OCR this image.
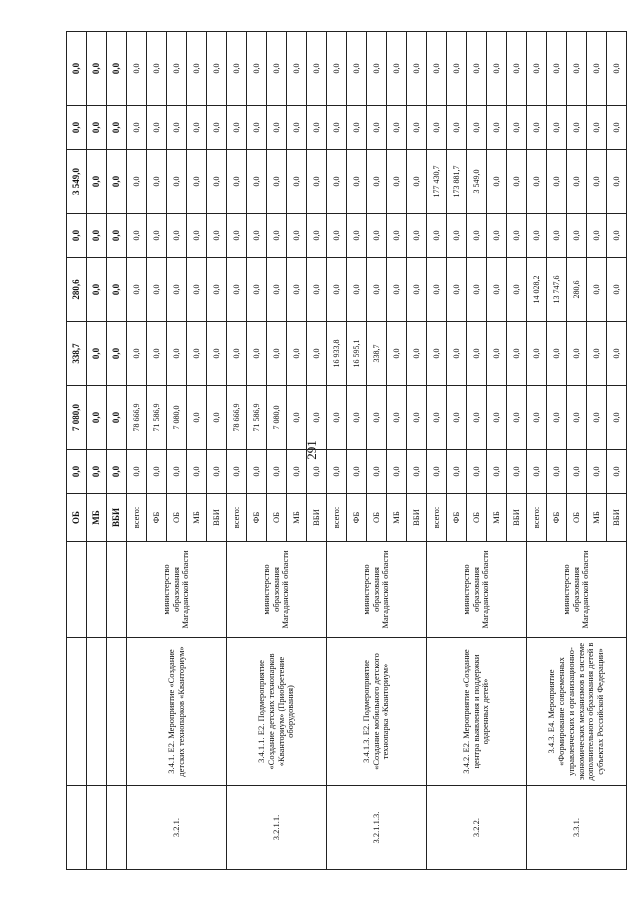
291
			ОБ	0,0	7 080,0	338,7	280,6	0,0	3 549,0	0,0	0,0
			МБ	0,0	0,0	0,0	0,0	0,0	0,0	0,0	0,0
			ВБИ	0,0	0,0	0,0	0,0	0,0	0,0	0,0	0,0
3.2.1.	3.4.1. Е2. Мероприятие «Создание детских технопарков «Кванториум»	министерство образования Магаданской области	всего:	0,0	78 666,9	0,0	0,0	0,0	0,0	0,0	0,0
			ФБ	0,0	71 586,9	0,0	0,0	0,0	0,0	0,0	0,0
			ОБ	0,0	7 080,0	0,0	0,0	0,0	0,0	0,0	0,0
			МБ	0,0	0,0	0,0	0,0	0,0	0,0	0,0	0,0
			ВБИ	0,0	0,0	0,0	0,0	0,0	0,0	0,0	0,0
3.2.1.1.	3.4.1.1. Е2. Подмероприятие «Создание детских технопарков «Кванториум» (Приобретение оборудования)	министерство образования Магаданской области	всего:	0,0	78 666,9	0,0	0,0	0,0	0,0	0,0	0,0
			ФБ	0,0	71 586,9	0,0	0,0	0,0	0,0	0,0	0,0
			ОБ	0,0	7 080,0	0,0	0,0	0,0	0,0	0,0	0,0
			МБ	0,0	0,0	0,0	0,0	0,0	0,0	0,0	0,0
			ВБИ	0,0	0,0	0,0	0,0	0,0	0,0	0,0	0,0
3.2.1.1.3.	3.4.1.3. Е2. Подмероприятие «Создание мобильного детского технопарка «Кванториум»	министерство образования Магаданской области	всего:	0,0	0,0	16 933,8	0,0	0,0	0,0	0,0	0,0
			ФБ	0,0	0,0	16 595,1	0,0	0,0	0,0	0,0	0,0
			ОБ	0,0	0,0	338,7	0,0	0,0	0,0	0,0	0,0
			МБ	0,0	0,0	0,0	0,0	0,0	0,0	0,0	0,0
			ВБИ	0,0	0,0	0,0	0,0	0,0	0,0	0,0	0,0
3.2.2.	3.4.2. Е2. Мероприятие «Создание центра выявления и поддержки одаренных детей»	министерство образования Магаданской области	всего:	0,0	0,0	0,0	0,0	0,0	177 430,7	0,0	0,0
			ФБ	0,0	0,0	0,0	0,0	0,0	173 881,7	0,0	0,0
			ОБ	0,0	0,0	0,0	0,0	0,0	3 549,0	0,0	0,0
			МБ	0,0	0,0	0,0	0,0	0,0	0,0	0,0	0,0
			ВБИ	0,0	0,0	0,0	0,0	0,0	0,0	0,0	0,0
3.3.1.	3.4.3. Е4. Мероприятие «Формирование современных управленческих и организационно-экономических механизмов в системе дополнительного образования детей в субъектах Российской Федерации»	министерство образования Магаданской области	всего:	0,0	0,0	0,0	14 028,2	0,0	0,0	0,0	0,0
			ФБ	0,0	0,0	0,0	13 747,6	0,0	0,0	0,0	0,0
			ОБ	0,0	0,0	0,0	280,6	0,0	0,0	0,0	0,0
			МБ	0,0	0,0	0,0	0,0	0,0	0,0	0,0	0,0
			ВБИ	0,0	0,0	0,0	0,0	0,0	0,0	0,0	0,0
